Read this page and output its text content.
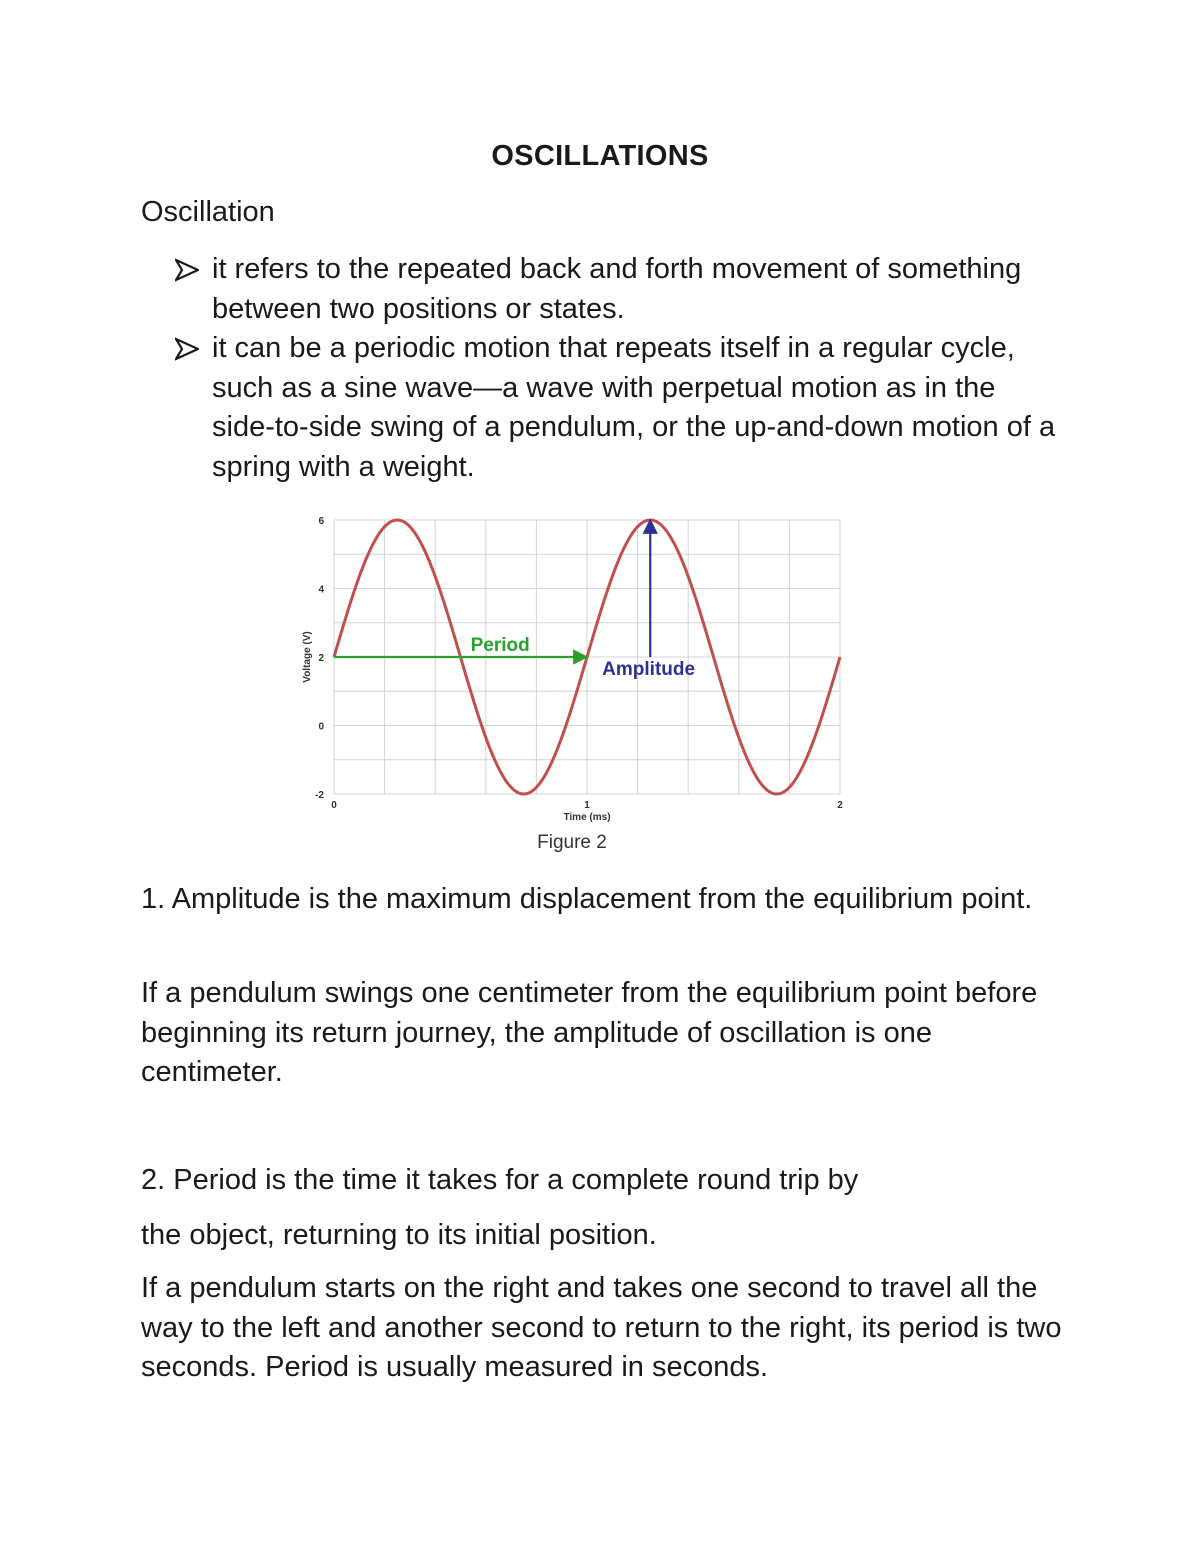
OSCILLATIONS
Oscillation
it refers to the repeated back and forth movement of something between two positions or states.
it can be a periodic motion that repeats itself in a regular cycle, such as a sine wave—a wave with perpetual motion as in the side-to-side swing of a pendulum, or the up-and-down motion of a spring with a weight.
-2
0
2
4
6
0	1	2
Period
Amplitude
Time (ms)
Voltage (V)
Figure 2

1. Amplitude is the maximum displacement from the equilibrium point.

If a pendulum swings one centimeter from the equilibrium point before beginning its return journey, the amplitude of oscillation is one centimeter.

2. Period is the time it takes for a complete round trip by

the object, returning to its initial position.

If a pendulum starts on the right and takes one second to travel all the way to the left and another second to return to the right, its period is two seconds. Period is usually measured in seconds.
